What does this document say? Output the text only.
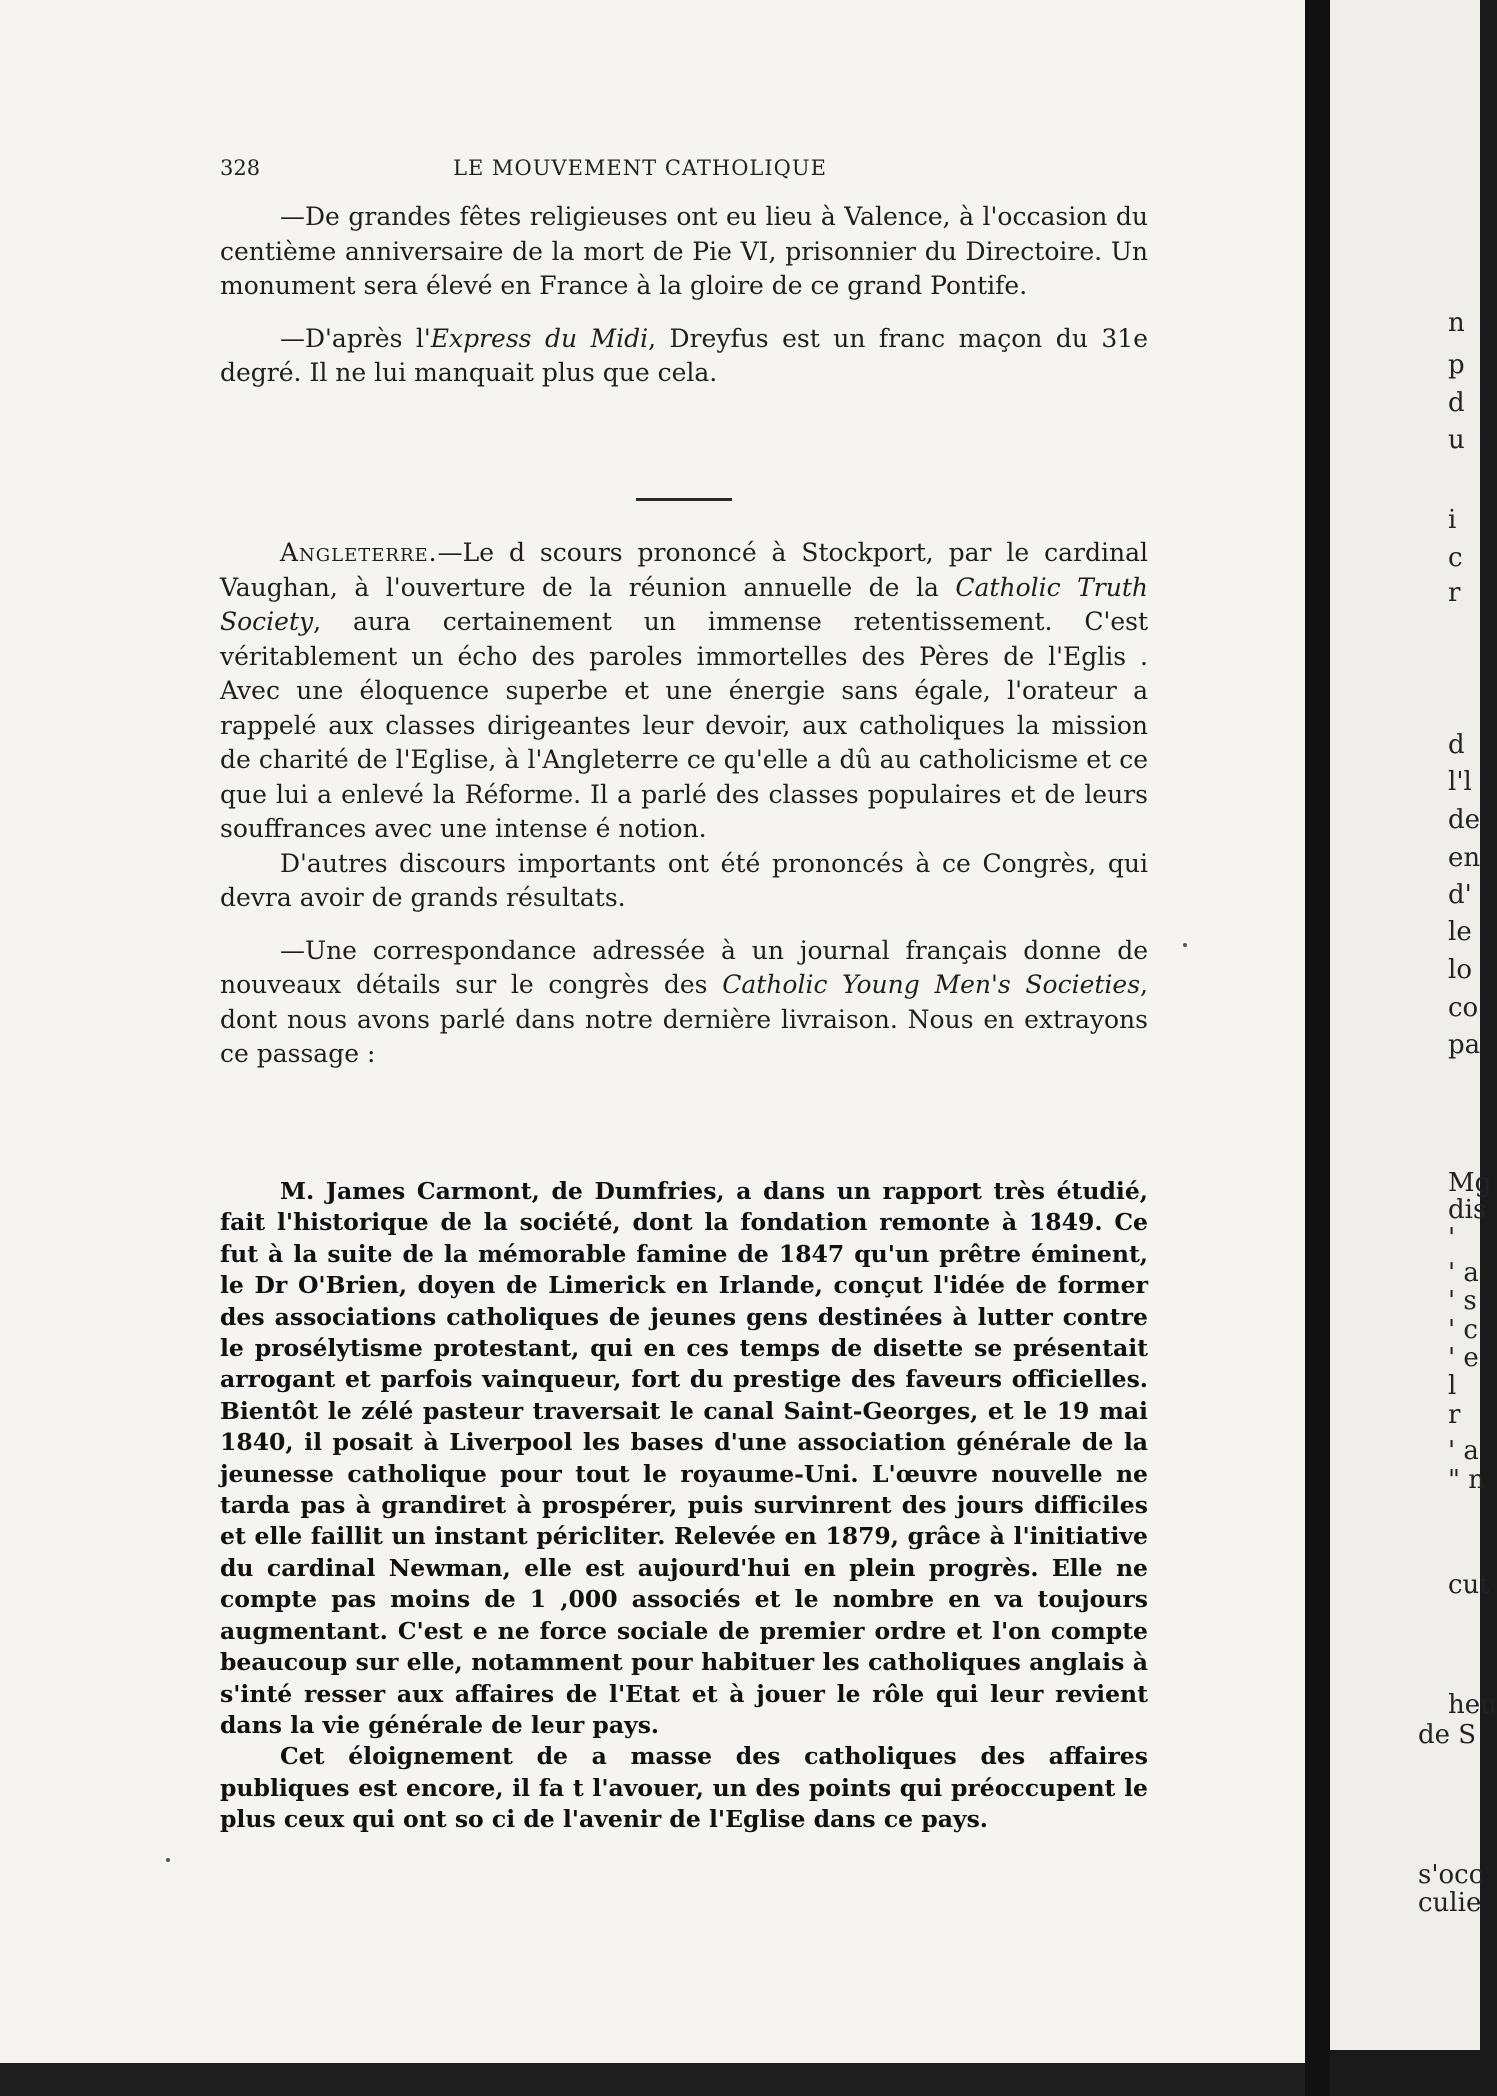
328	LE MOUVEMENT CATHOLIQUE

—De grandes fêtes religieuses ont eu lieu à Valence, à l'occasion du centième anniversaire de la mort de Pie VI, prisonnier du Directoire. Un monument sera élevé en France à la gloire de ce grand Pontife.

—D'après l'Express du Midi, Dreyfus est un franc maçon du 31e degré. Il ne lui manquait plus que cela.

Angleterre.—Le d scours prononcé à Stockport, par le cardinal Vaughan, à l'ouverture de la réunion annuelle de la Catholic Truth Society, aura certainement un immense retentissement. C'est véritablement un écho des paroles immortelles des Pères de l'Eglis . Avec une éloquence superbe et une énergie sans égale, l'orateur a rappelé aux classes dirigeantes leur devoir, aux catholiques la mission de charité de l'Eglise, à l'Angleterre ce qu'elle a dû au catholicisme et ce que lui a enlevé la Réforme. Il a parlé des classes populaires et de leurs souffrances avec une intense é notion.

D'autres discours importants ont été prononcés à ce Congrès, qui devra avoir de grands résultats.

—Une correspondance adressée à un journal français donne de nouveaux détails sur le congrès des Catholic Young Men's Societies, dont nous avons parlé dans notre dernière livraison. Nous en extrayons ce passage :

M. James Carmont, de Dumfries, a dans un rapport très étudié, fait l'historique de la société, dont la fondation remonte à 1849. Ce fut à la suite de la mémorable famine de 1847 qu'un prêtre éminent, le Dr O'Brien, doyen de Limerick en Irlande, conçut l'idée de former des associations catholiques de jeunes gens destinées à lutter contre le prosélytisme protestant, qui en ces temps de disette se présentait arrogant et parfois vainqueur, fort du prestige des faveurs officielles. Bientôt le zélé pasteur traversait le canal Saint-Georges, et le 19 mai 1840, il posait à Liverpool les bases d'une association générale de la jeunesse catholique pour tout le royaume-Uni. L'œuvre nouvelle ne tarda pas à grandiret à prospérer, puis survinrent des jours difficiles et elle faillit un instant péricliter. Relevée en 1879, grâce à l'initiative du cardinal Newman, elle est aujourd'hui en plein progrès. Elle ne compte pas moins de 1 ,000 associés et le nombre en va toujours augmentant. C'est e ne force sociale de premier ordre et l'on compte beaucoup sur elle, notamment pour habituer les catholiques anglais à s'inté resser aux affaires de l'Etat et à jouer le rôle qui leur revient dans la vie générale de leur pays.

Cet éloignement de a masse des catholiques des affaires publiques est encore, il fa t l'avouer, un des points qui préoccupent le plus ceux qui ont so ci de l'avenir de l'Eglise dans ce pays.

n
p
d
u
i
c
r
d
l'l
de
en
d'
le
lo
co
pa
Mg
dis
'
' a
' s
' c
' e
l
r
' a
" n
cut
heu
de S
s'occ
culie
